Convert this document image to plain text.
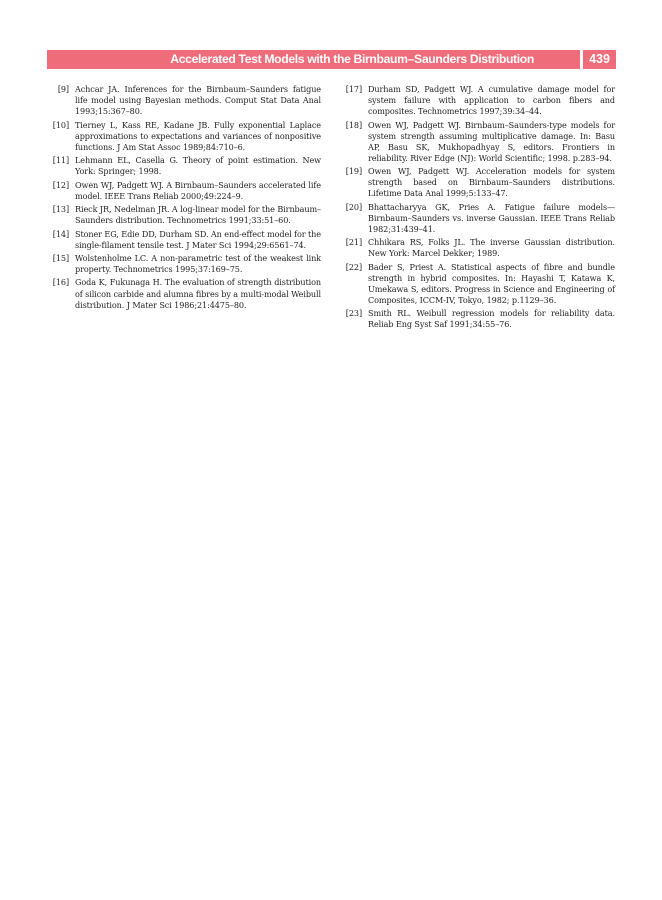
Accelerated Test Models with the Birnbaum–Saunders Distribution	439
[9] Achcar JA. Inferences for the Birnbaum–Saunders fatigue life model using Bayesian methods. Comput Stat Data Anal 1993;15:367–80.
[10] Tierney L, Kass RE, Kadane JB. Fully exponential Laplace approximations to expectations and variances of nonpositive functions. J Am Stat Assoc 1989;84:710–6.
[11] Lehmann EL, Casella G. Theory of point estimation. New York: Springer; 1998.
[12] Owen WJ, Padgett WJ. A Birnbaum–Saunders accelerated life model. IEEE Trans Reliab 2000;49:224–9.
[13] Rieck JR, Nedelman JR. A log-linear model for the Birnbaum–Saunders distribution. Technometrics 1991;33:51–60.
[14] Stoner EG, Edie DD, Durham SD. An end-effect model for the single-filament tensile test. J Mater Sci 1994;29:6561–74.
[15] Wolstenholme LC. A non-parametric test of the weakest link property. Technometrics 1995;37:169–75.
[16] Goda K, Fukunaga H. The evaluation of strength distribution of silicon carbide and alumna fibres by a multi-modal Weibull distribution. J Mater Sci 1986;21:4475–80.
[17] Durham SD, Padgett WJ. A cumulative damage model for system failure with application to carbon fibers and composites. Technometrics 1997;39:34–44.
[18] Owen WJ, Padgett WJ. Birnbaum–Saunders-type models for system strength assuming multiplicative damage. In: Basu AP, Basu SK, Mukhopadhyay S, editors. Frontiers in reliability. River Edge (NJ): World Scientific; 1998. p.283–94.
[19] Owen WJ, Padgett WJ. Acceleration models for system strength based on Birnbaum–Saunders distributions. Lifetime Data Anal 1999;5:133–47.
[20] Bhattacharyya GK, Pries A. Fatigue failure models—Birnbaum–Saunders vs. inverse Gaussian. IEEE Trans Reliab 1982;31:439–41.
[21] Chhikara RS, Folks JL. The inverse Gaussian distribution. New York: Marcel Dekker; 1989.
[22] Bader S, Priest A. Statistical aspects of fibre and bundle strength in hybrid composites. In: Hayashi T, Katawa K, Umekawa S, editors. Progress in Science and Engineering of Composites, ICCM-IV, Tokyo, 1982; p.1129–36.
[23] Smith RL. Weibull regression models for reliability data. Reliab Eng Syst Saf 1991;34:55–76.
